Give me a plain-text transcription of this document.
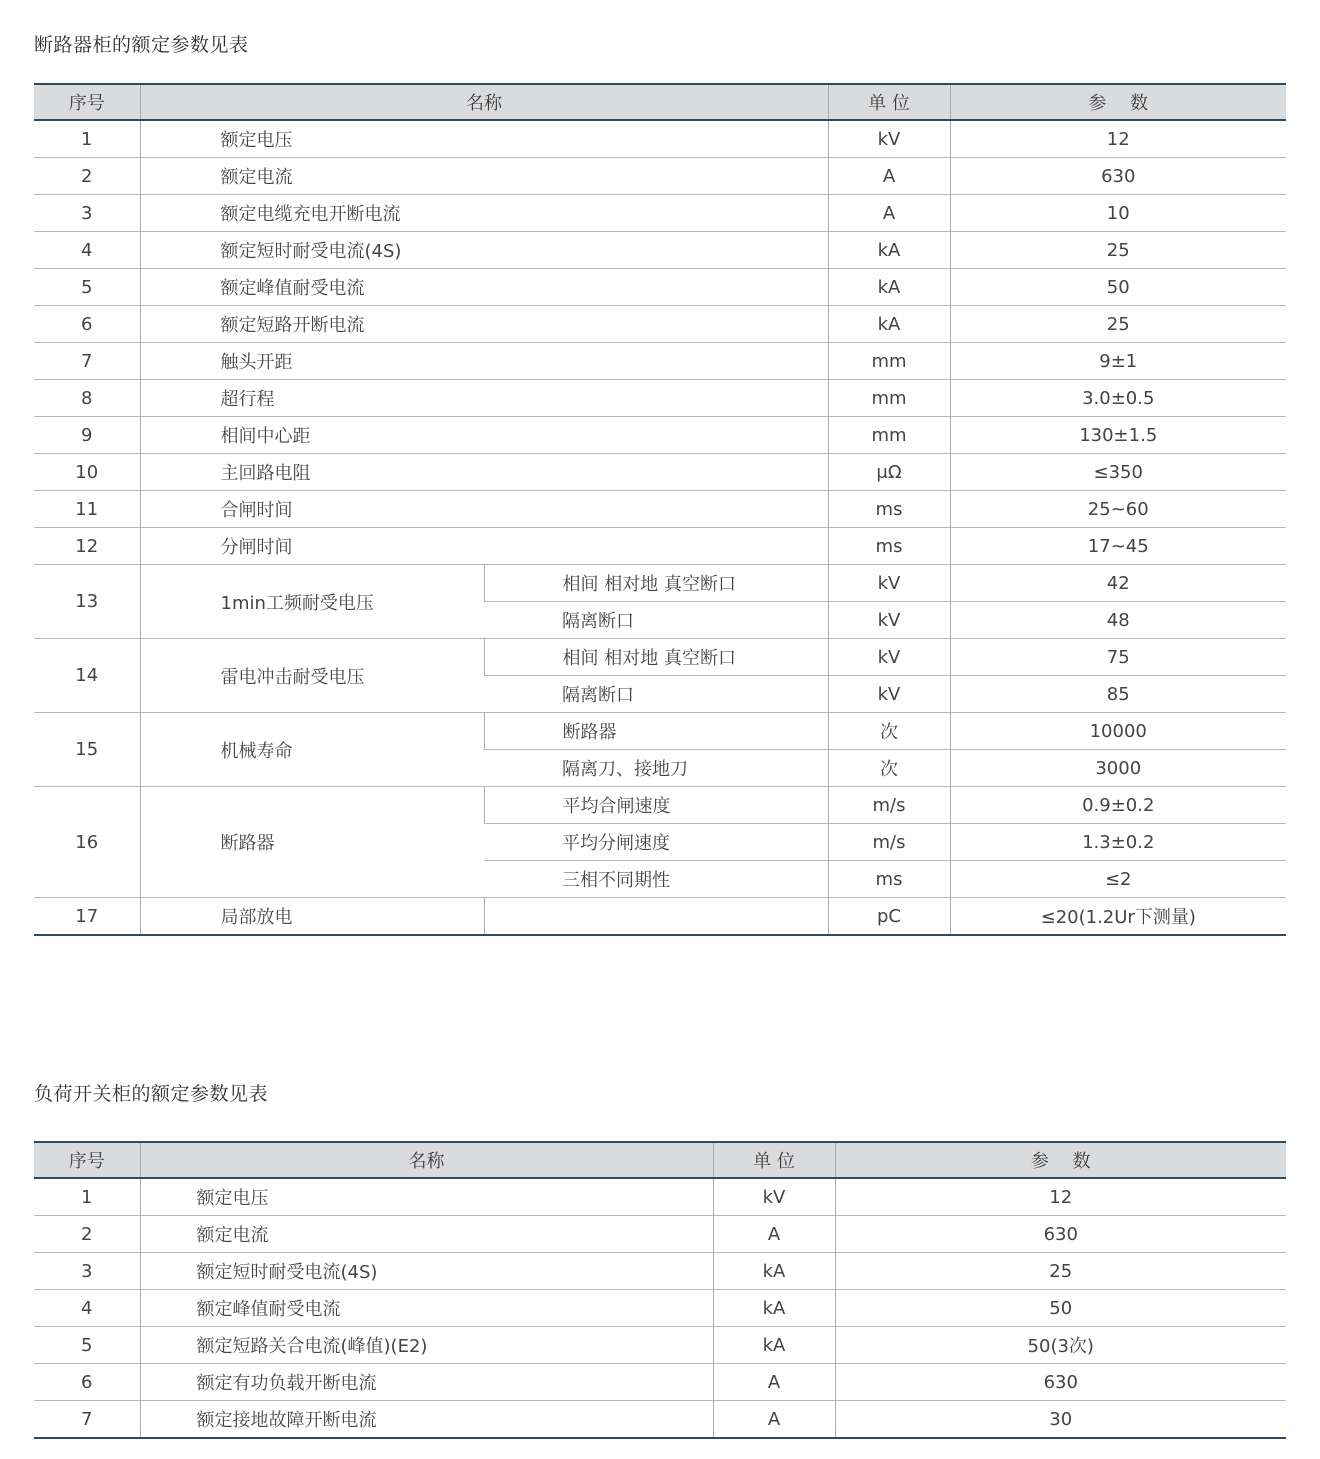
断路器柜的额定参数见表
序号	名称		单 位	参　 数
1	额定电压		kV	12
2	额定电流		A	630
3	额定电缆充电开断电流		A	10
4	额定短时耐受电流(4S)		kA	25
5	额定峰值耐受电流		kA	50
6	额定短路开断电流		kA	25
7	触头开距		mm	9±1
8	超行程		mm	3.0±0.5
9	相间中心距		mm	130±1.5
10	主回路电阻		μΩ	≤350
11	合闸时间		ms	25~60
12	分闸时间		ms	17~45
13	1min工频耐受电压	相间 相对地 真空断口	kV	42
		隔离断口	kV	48
14	雷电冲击耐受电压	相间 相对地 真空断口	kV	75
		隔离断口	kV	85
15	机械寿命	断路器	次	10000
		隔离刀、接地刀	次	3000
16	断路器	平均合闸速度	m/s	0.9±0.2
		平均分闸速度	m/s	1.3±0.2
		三相不同期性	ms	≤2
17	局部放电		pC	≤20(1.2Ur下测量)
负荷开关柜的额定参数见表
序号	名称	单 位	参　 数
1	额定电压	kV	12
2	额定电流	A	630
3	额定短时耐受电流(4S)	kA	25
4	额定峰值耐受电流	kA	50
5	额定短路关合电流(峰值)(E2)	kA	50(3次)
6	额定有功负载开断电流	A	630
7	额定接地故障开断电流	A	30
